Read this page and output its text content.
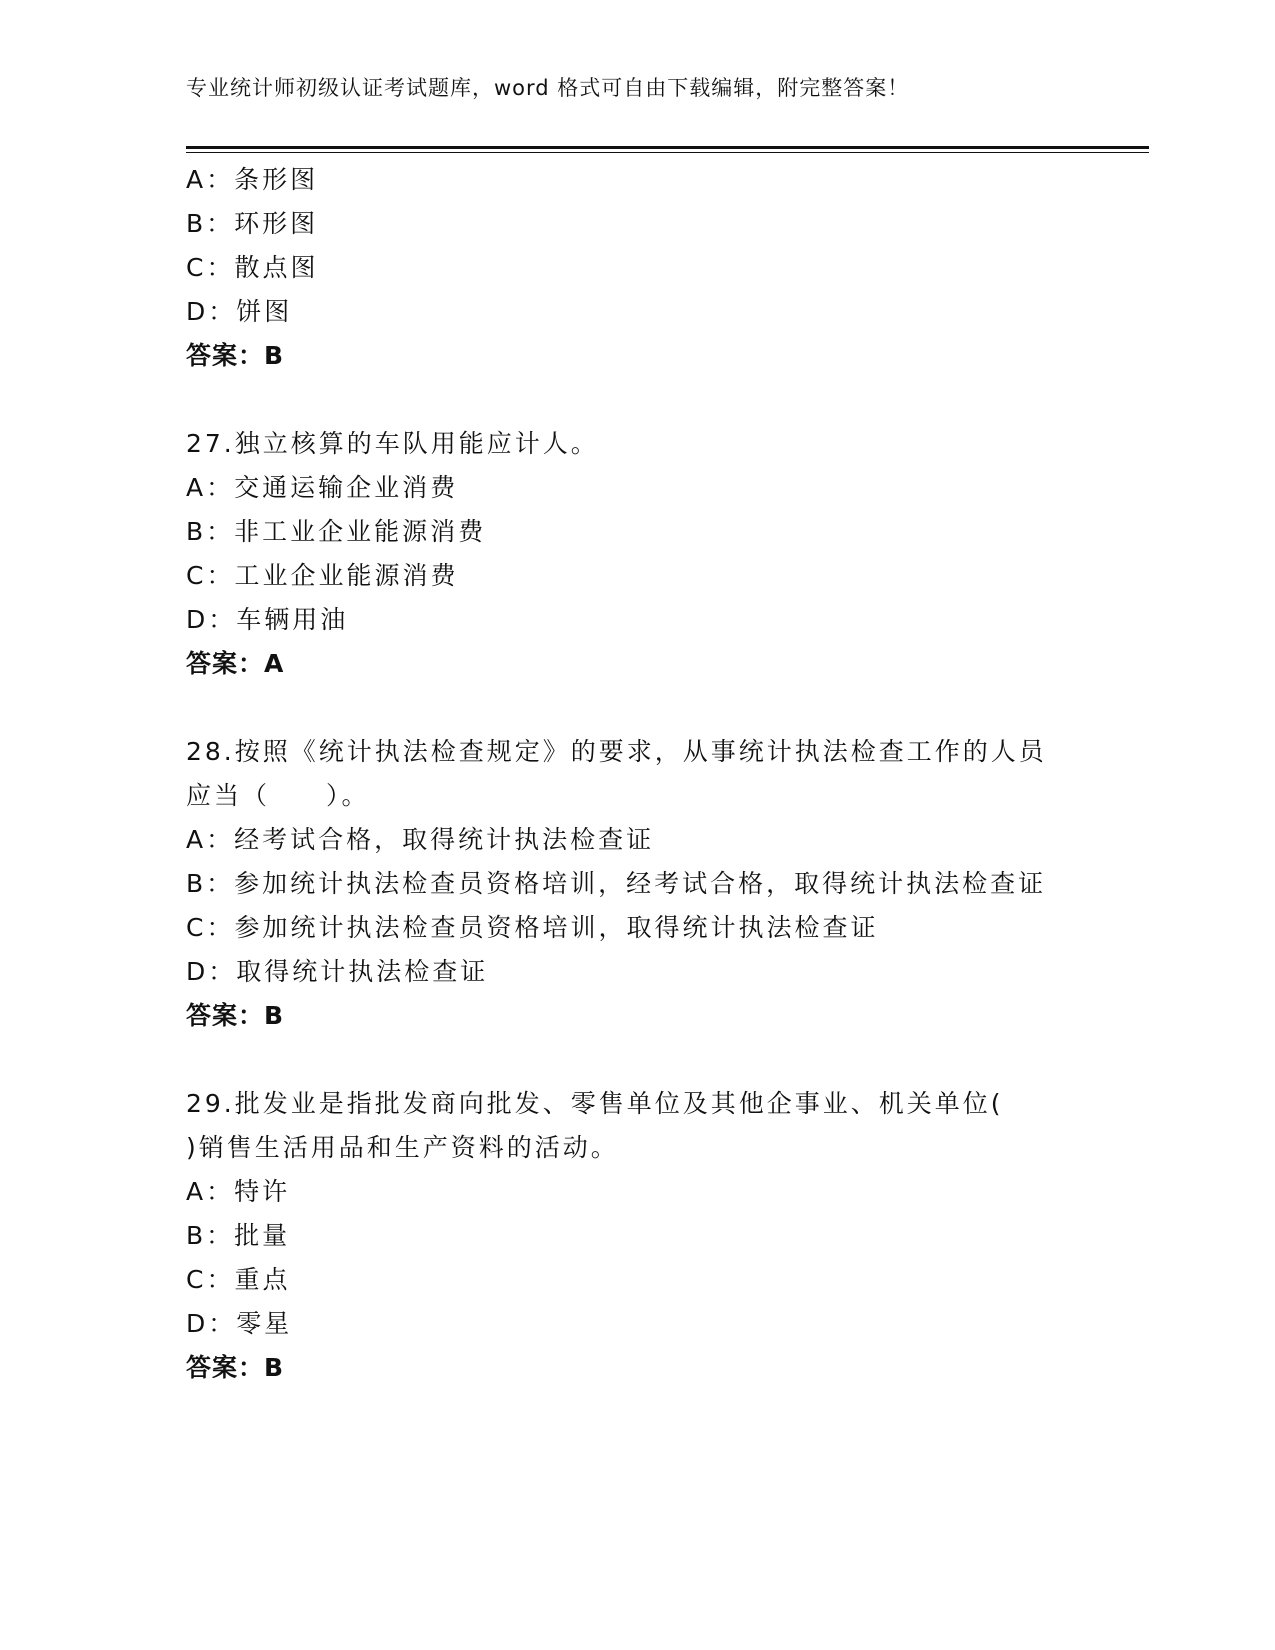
专业统计师初级认证考试题库，word 格式可自由下载编辑，附完整答案！
A：条形图
B：环形图
C：散点图
D：饼图
答案：B
27.独立核算的车队用能应计人。
A：交通运输企业消费
B：非工业企业能源消费
C：工业企业能源消费
D：车辆用油
答案：A
28.按照《统计执法检查规定》的要求，从事统计执法检查工作的人员
应当（　　）。
A：经考试合格，取得统计执法检查证
B：参加统计执法检查员资格培训，经考试合格，取得统计执法检查证
C：参加统计执法检查员资格培训，取得统计执法检查证
D：取得统计执法检查证
答案：B
29.批发业是指批发商向批发、零售单位及其他企事业、机关单位(
)销售生活用品和生产资料的活动。
A：特许
B：批量
C：重点
D：零星
答案：B
